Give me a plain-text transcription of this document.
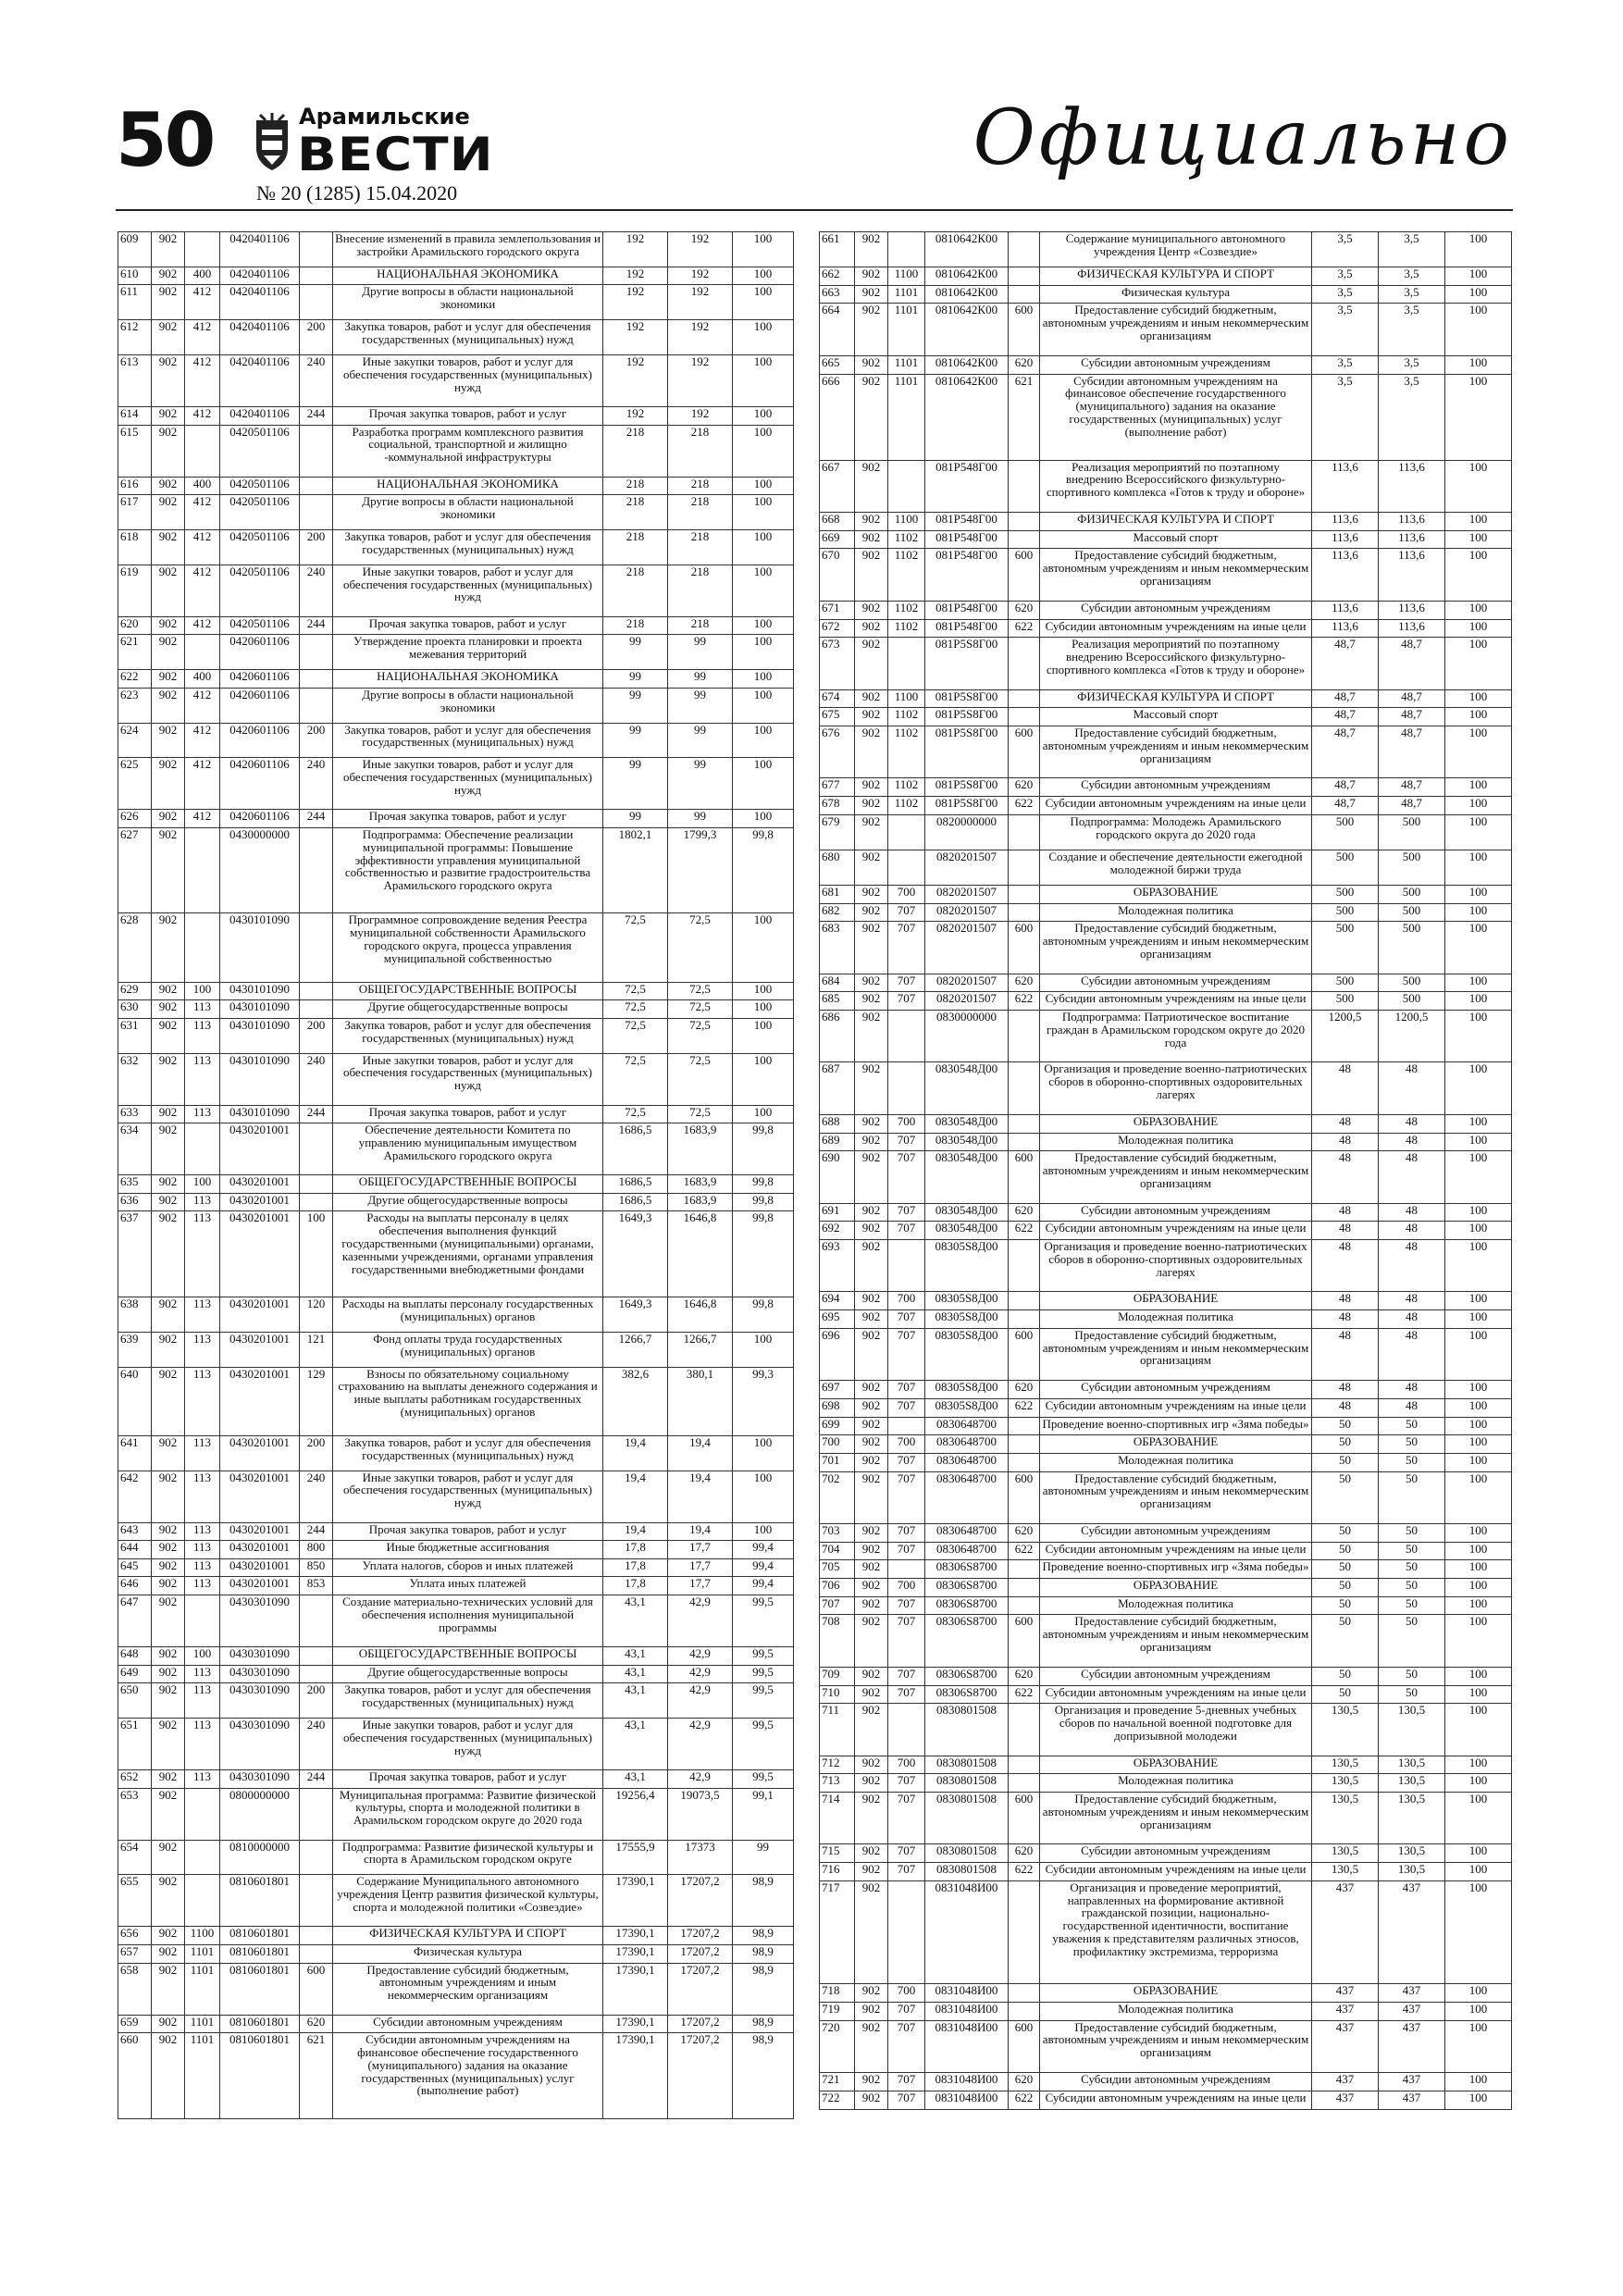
50	Арамильские
ВЕСТИ
№ 20 (1285) 15.04.2020
Официально
609	902		0420401106		Внесение изменений в правила землепользования и застройки Арамильского городского округа	192	192	100
610	902	400	0420401106		НАЦИОНАЛЬНАЯ ЭКОНОМИКА	192	192	100
611	902	412	0420401106		Другие вопросы в области национальной экономики	192	192	100
612	902	412	0420401106	200	Закупка товаров, работ и услуг для обеспечения государственных (муниципальных) нужд	192	192	100
613	902	412	0420401106	240	Иные закупки товаров, работ и услуг для обеспечения государственных (муниципальных) нужд	192	192	100
614	902	412	0420401106	244	Прочая закупка товаров, работ и услуг	192	192	100
615	902		0420501106		Разработка программ комплексного развития социальной, транспортной и жилищно -коммунальной инфраструктуры	218	218	100
616	902	400	0420501106		НАЦИОНАЛЬНАЯ ЭКОНОМИКА	218	218	100
617	902	412	0420501106		Другие вопросы в области национальной экономики	218	218	100
618	902	412	0420501106	200	Закупка товаров, работ и услуг для обеспечения государственных (муниципальных) нужд	218	218	100
619	902	412	0420501106	240	Иные закупки товаров, работ и услуг для обеспечения государственных (муниципальных) нужд	218	218	100
620	902	412	0420501106	244	Прочая закупка товаров, работ и услуг	218	218	100
621	902		0420601106		Утверждение проекта планировки и проекта межевания территорий	99	99	100
622	902	400	0420601106		НАЦИОНАЛЬНАЯ ЭКОНОМИКА	99	99	100
623	902	412	0420601106		Другие вопросы в области национальной экономики	99	99	100
624	902	412	0420601106	200	Закупка товаров, работ и услуг для обеспечения государственных (муниципальных) нужд	99	99	100
625	902	412	0420601106	240	Иные закупки товаров, работ и услуг для обеспечения государственных (муниципальных) нужд	99	99	100
626	902	412	0420601106	244	Прочая закупка товаров, работ и услуг	99	99	100
627	902		0430000000		Подпрограмма: Обеспечение реализации муниципальной программы: Повышение эффективности управления муниципальной собственностью и развитие градостроительства Арамильского городского округа	1802,1	1799,3	99,8
628	902		0430101090		Программное сопровождение ведения Реестра муниципальной собственности Арамильского городского округа, процесса управления муниципальной собственностью	72,5	72,5	100
629	902	100	0430101090		ОБЩЕГОСУДАРСТВЕННЫЕ ВОПРОСЫ	72,5	72,5	100
630	902	113	0430101090		Другие общегосударственные вопросы	72,5	72,5	100
631	902	113	0430101090	200	Закупка товаров, работ и услуг для обеспечения государственных (муниципальных) нужд	72,5	72,5	100
632	902	113	0430101090	240	Иные закупки товаров, работ и услуг для обеспечения государственных (муниципальных) нужд	72,5	72,5	100
633	902	113	0430101090	244	Прочая закупка товаров, работ и услуг	72,5	72,5	100
634	902		0430201001		Обеспечение деятельности Комитета по управлению муниципальным имуществом Арамильского городского округа	1686,5	1683,9	99,8
635	902	100	0430201001		ОБЩЕГОСУДАРСТВЕННЫЕ ВОПРОСЫ	1686,5	1683,9	99,8
636	902	113	0430201001		Другие общегосударственные вопросы	1686,5	1683,9	99,8
637	902	113	0430201001	100	Расходы на выплаты персоналу в целях обеспечения выполнения функций государственными (муниципальными) органами, казенными учреждениями, органами управления государственными внебюджетными фондами	1649,3	1646,8	99,8
638	902	113	0430201001	120	Расходы на выплаты персоналу государственных (муниципальных) органов	1649,3	1646,8	99,8
639	902	113	0430201001	121	Фонд оплаты труда государственных (муниципальных) органов	1266,7	1266,7	100
640	902	113	0430201001	129	Взносы по обязательному социальному страхованию на выплаты денежного содержания и иные выплаты работникам государственных (муниципальных) органов	382,6	380,1	99,3
641	902	113	0430201001	200	Закупка товаров, работ и услуг для обеспечения государственных (муниципальных) нужд	19,4	19,4	100
642	902	113	0430201001	240	Иные закупки товаров, работ и услуг для обеспечения государственных (муниципальных) нужд	19,4	19,4	100
643	902	113	0430201001	244	Прочая закупка товаров, работ и услуг	19,4	19,4	100
644	902	113	0430201001	800	Иные бюджетные ассигнования	17,8	17,7	99,4
645	902	113	0430201001	850	Уплата налогов, сборов и иных платежей	17,8	17,7	99,4
646	902	113	0430201001	853	Уплата иных платежей	17,8	17,7	99,4
647	902		0430301090		Создание материально-технических условий для обеспечения исполнения муниципальной программы	43,1	42,9	99,5
648	902	100	0430301090		ОБЩЕГОСУДАРСТВЕННЫЕ ВОПРОСЫ	43,1	42,9	99,5
649	902	113	0430301090		Другие общегосударственные вопросы	43,1	42,9	99,5
650	902	113	0430301090	200	Закупка товаров, работ и услуг для обеспечения государственных (муниципальных) нужд	43,1	42,9	99,5
651	902	113	0430301090	240	Иные закупки товаров, работ и услуг для обеспечения государственных (муниципальных) нужд	43,1	42,9	99,5
652	902	113	0430301090	244	Прочая закупка товаров, работ и услуг	43,1	42,9	99,5
653	902		0800000000		Муниципальная программа: Развитие физической культуры, спорта и молодежной политики в Арамильском городском округе до 2020 года	19256,4	19073,5	99,1
654	902		0810000000		Подпрограмма: Развитие физической культуры и спорта в Арамильском городском округе	17555,9	17373	99
655	902		0810601801		Содержание Муниципального автономного учреждения Центр развития физической культуры, спорта и молодежной политики «Созвездие»	17390,1	17207,2	98,9
656	902	1100	0810601801		ФИЗИЧЕСКАЯ КУЛЬТУРА И СПОРТ	17390,1	17207,2	98,9
657	902	1101	0810601801		Физическая культура	17390,1	17207,2	98,9
658	902	1101	0810601801	600	Предоставление субсидий бюджетным, автономным учреждениям и иным некоммерческим организациям	17390,1	17207,2	98,9
659	902	1101	0810601801	620	Субсидии автономным учреждениям	17390,1	17207,2	98,9
660	902	1101	0810601801	621	Субсидии автономным учреждениям на финансовое обеспечение государственного (муниципального) задания на оказание государственных (муниципальных) услуг (выполнение работ)	17390,1	17207,2	98,9
661	902		0810642К00		Содержание муниципального автономного учреждения Центр «Созвездие»	3,5	3,5	100
662	902	1100	0810642К00		ФИЗИЧЕСКАЯ КУЛЬТУРА И СПОРТ	3,5	3,5	100
663	902	1101	0810642К00		Физическая культура	3,5	3,5	100
664	902	1101	0810642К00	600	Предоставление субсидий бюджетным, автономным учреждениям и иным некоммерческим организациям	3,5	3,5	100
665	902	1101	0810642К00	620	Субсидии автономным учреждениям	3,5	3,5	100
666	902	1101	0810642К00	621	Субсидии автономным учреждениям на финансовое обеспечение государственного (муниципального) задания на оказание государственных (муниципальных) услуг (выполнение работ)	3,5	3,5	100
667	902		081P548Г00		Реализация мероприятий по поэтапному внедрению Всероссийского физкультурно-спортивного комплекса «Готов к труду и обороне»	113,6	113,6	100
668	902	1100	081P548Г00		ФИЗИЧЕСКАЯ КУЛЬТУРА И СПОРТ	113,6	113,6	100
669	902	1102	081P548Г00		Массовый спорт	113,6	113,6	100
670	902	1102	081P548Г00	600	Предоставление субсидий бюджетным, автономным учреждениям и иным некоммерческим организациям	113,6	113,6	100
671	902	1102	081P548Г00	620	Субсидии автономным учреждениям	113,6	113,6	100
672	902	1102	081P548Г00	622	Субсидии автономным учреждениям на иные цели	113,6	113,6	100
673	902		081P5S8Г00		Реализация мероприятий по поэтапному внедрению Всероссийского физкультурно-спортивного комплекса «Готов к труду и обороне»	48,7	48,7	100
674	902	1100	081P5S8Г00		ФИЗИЧЕСКАЯ КУЛЬТУРА И СПОРТ	48,7	48,7	100
675	902	1102	081P5S8Г00		Массовый спорт	48,7	48,7	100
676	902	1102	081P5S8Г00	600	Предоставление субсидий бюджетным, автономным учреждениям и иным некоммерческим организациям	48,7	48,7	100
677	902	1102	081P5S8Г00	620	Субсидии автономным учреждениям	48,7	48,7	100
678	902	1102	081P5S8Г00	622	Субсидии автономным учреждениям на иные цели	48,7	48,7	100
679	902		0820000000		Подпрограмма: Молодежь Арамильского городского округа до 2020 года	500	500	100
680	902		0820201507		Создание и обеспечение деятельности ежегодной молодежной биржи труда	500	500	100
681	902	700	0820201507		ОБРАЗОВАНИЕ	500	500	100
682	902	707	0820201507		Молодежная политика	500	500	100
683	902	707	0820201507	600	Предоставление субсидий бюджетным, автономным учреждениям и иным некоммерческим организациям	500	500	100
684	902	707	0820201507	620	Субсидии автономным учреждениям	500	500	100
685	902	707	0820201507	622	Субсидии автономным учреждениям на иные цели	500	500	100
686	902		0830000000		Подпрограмма: Патриотическое воспитание граждан в Арамильском городском округе до 2020 года	1200,5	1200,5	100
687	902		0830548Д00		Организация и проведение военно-патриотических сборов в оборонно-спортивных оздоровительных лагерях	48	48	100
688	902	700	0830548Д00		ОБРАЗОВАНИЕ	48	48	100
689	902	707	0830548Д00		Молодежная политика	48	48	100
690	902	707	0830548Д00	600	Предоставление субсидий бюджетным, автономным учреждениям и иным некоммерческим организациям	48	48	100
691	902	707	0830548Д00	620	Субсидии автономным учреждениям	48	48	100
692	902	707	0830548Д00	622	Субсидии автономным учреждениям на иные цели	48	48	100
693	902		08305S8Д00		Организация и проведение военно-патриотических сборов в оборонно-спортивных оздоровительных лагерях	48	48	100
694	902	700	08305S8Д00		ОБРАЗОВАНИЕ	48	48	100
695	902	707	08305S8Д00		Молодежная политика	48	48	100
696	902	707	08305S8Д00	600	Предоставление субсидий бюджетным, автономным учреждениям и иным некоммерческим организациям	48	48	100
697	902	707	08305S8Д00	620	Субсидии автономным учреждениям	48	48	100
698	902	707	08305S8Д00	622	Субсидии автономным учреждениям на иные цели	48	48	100
699	902		0830648700		Проведение военно-спортивных игр «Зяма победы»	50	50	100
700	902	700	0830648700		ОБРАЗОВАНИЕ	50	50	100
701	902	707	0830648700		Молодежная политика	50	50	100
702	902	707	0830648700	600	Предоставление субсидий бюджетным, автономным учреждениям и иным некоммерческим организациям	50	50	100
703	902	707	0830648700	620	Субсидии автономным учреждениям	50	50	100
704	902	707	0830648700	622	Субсидии автономным учреждениям на иные цели	50	50	100
705	902		08306S8700		Проведение военно-спортивных игр «Зяма победы»	50	50	100
706	902	700	08306S8700		ОБРАЗОВАНИЕ	50	50	100
707	902	707	08306S8700		Молодежная политика	50	50	100
708	902	707	08306S8700	600	Предоставление субсидий бюджетным, автономным учреждениям и иным некоммерческим организациям	50	50	100
709	902	707	08306S8700	620	Субсидии автономным учреждениям	50	50	100
710	902	707	08306S8700	622	Субсидии автономным учреждениям на иные цели	50	50	100
711	902		0830801508		Организация и проведение 5-дневных учебных сборов по начальной военной подготовке для допризывной молодежи	130,5	130,5	100
712	902	700	0830801508		ОБРАЗОВАНИЕ	130,5	130,5	100
713	902	707	0830801508		Молодежная политика	130,5	130,5	100
714	902	707	0830801508	600	Предоставление субсидий бюджетным, автономным учреждениям и иным некоммерческим организациям	130,5	130,5	100
715	902	707	0830801508	620	Субсидии автономным учреждениям	130,5	130,5	100
716	902	707	0830801508	622	Субсидии автономным учреждениям на иные цели	130,5	130,5	100
717	902		0831048И00		Организация и проведение мероприятий, направленных на формирование активной гражданской позиции, национально-государственной идентичности, воспитание уважения к представителям различных этносов, профилактику экстремизма, терроризма	437	437	100
718	902	700	0831048И00		ОБРАЗОВАНИЕ	437	437	100
719	902	707	0831048И00		Молодежная политика	437	437	100
720	902	707	0831048И00	600	Предоставление субсидий бюджетным, автономным учреждениям и иным некоммерческим организациям	437	437	100
721	902	707	0831048И00	620	Субсидии автономным учреждениям	437	437	100
722	902	707	0831048И00	622	Субсидии автономным учреждениям на иные цели	437	437	100
